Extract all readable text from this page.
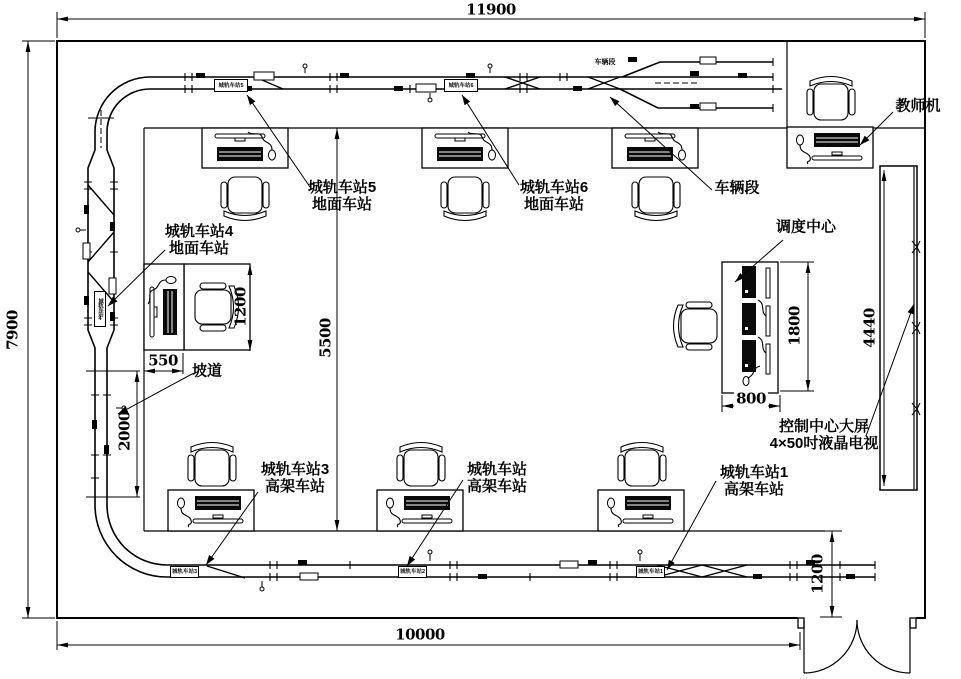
11900
7900
10000
5500
2000
550
1200
800
1800	4440
1200
城轨车站5
地面车站
城轨车站6
地面车站
城轨车站4
地面车站
城轨车站3
高架车站
城轨车站
高架车站
城轨车站1
高架车站
车辆段
车辆段
教师机
调度中心
坡道
控制中心大屏
4×50吋液晶电视
城轨车站5	城轨车站6
城轨车站4
城轨车站3	城轨车站2	城轨车站1
